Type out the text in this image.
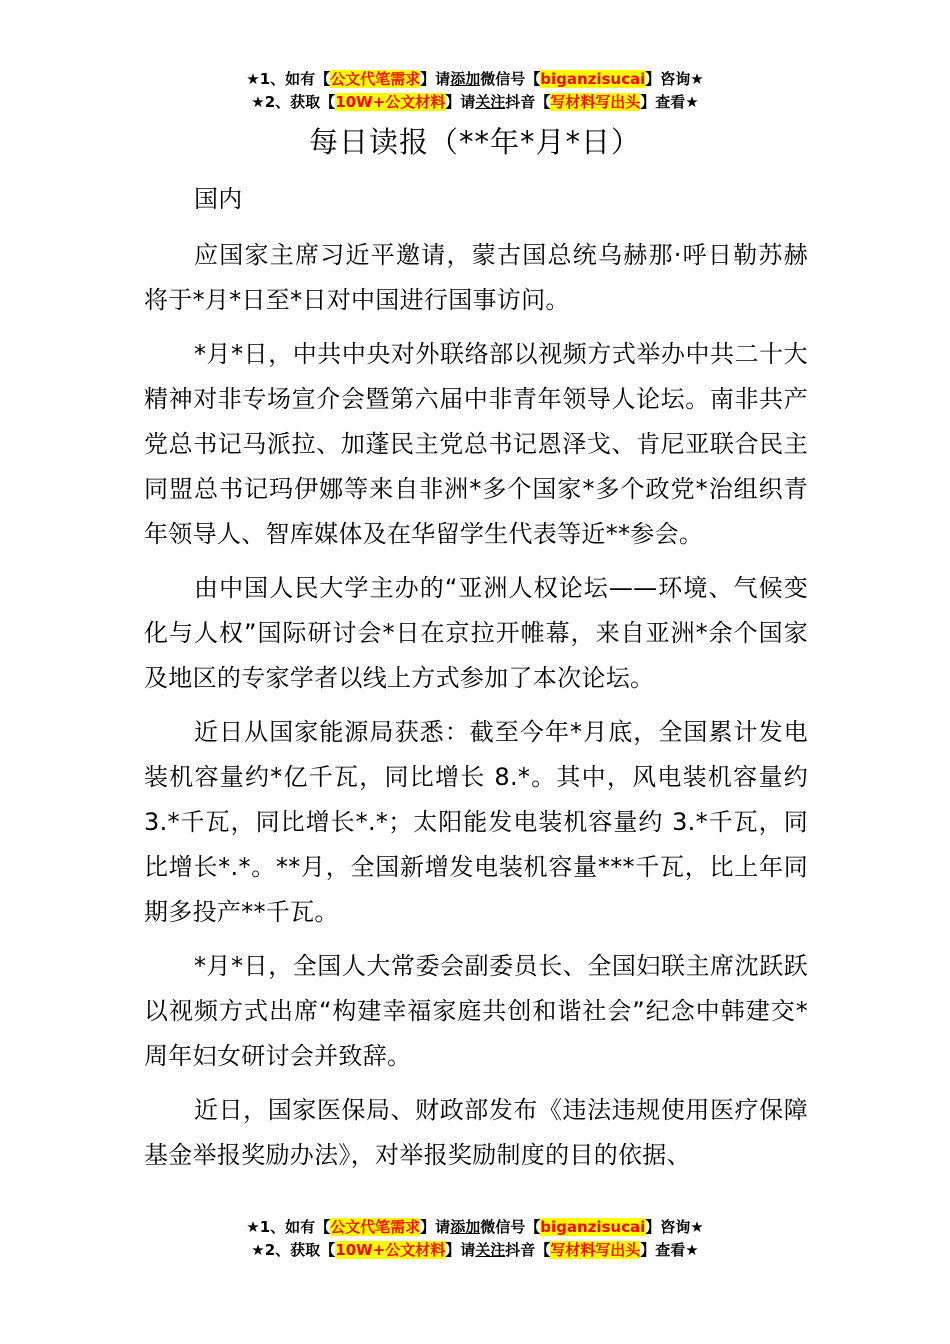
★1、如有【公文代笔需求】请添加微信号【biganzisucai】咨询★
★2、获取【10W+公文材料】请关注抖音【写材料写出头】查看★
每日读报（**年*月*日）

国内

应国家主席习近平邀请，蒙古国总统乌赫那·呼日勒苏赫将于*月*日至*日对中国进行国事访问。

*月*日，中共中央对外联络部以视频方式举办中共二十大精神对非专场宣介会暨第六届中非青年领导人论坛。南非共产党总书记马派拉、加蓬民主党总书记恩泽戈、肯尼亚联合民主同盟总书记玛伊娜等来自非洲*多个国家*多个政党*治组织青年领导人、智库媒体及在华留学生代表等近**参会。

由中国人民大学主办的“亚洲人权论坛——环境、气候变化与人权”国际研讨会*日在京拉开帷幕，来自亚洲*余个国家及地区的专家学者以线上方式参加了本次论坛。

近日从国家能源局获悉：截至今年*月底，全国累计发电装机容量约*亿千瓦，同比增长 8.*。其中，风电装机容量约 3.*千瓦，同比增长*.*；太阳能发电装机容量约 3.*千瓦，同比增长*.*。**月，全国新增发电装机容量***千瓦，比上年同期多投产**千瓦。

*月*日，全国人大常委会副委员长、全国妇联主席沈跃跃以视频方式出席“构建幸福家庭共创和谐社会”纪念中韩建交*周年妇女研讨会并致辞。

近日，国家医保局、财政部发布《违法违规使用医疗保障基金举报奖励办法》，对举报奖励制度的目的依据、

★1、如有【公文代笔需求】请添加微信号【biganzisucai】咨询★
★2、获取【10W+公文材料】请关注抖音【写材料写出头】查看★
